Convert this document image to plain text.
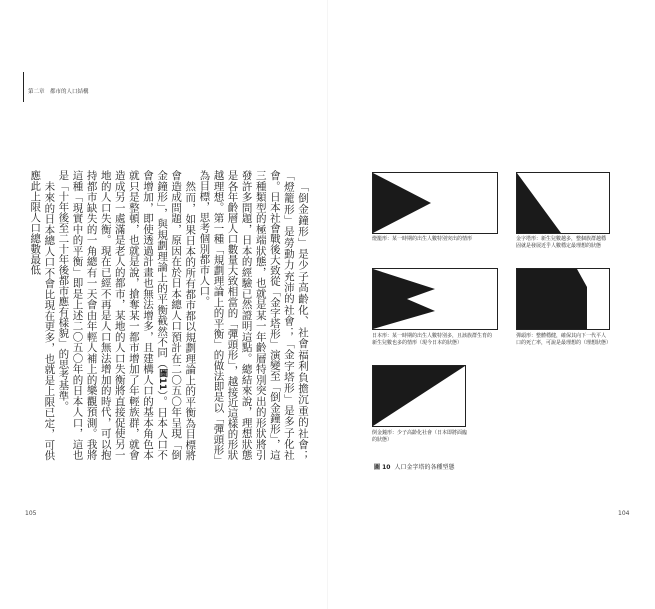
第二章　都市的人口結構

「倒金鐘形」是少子高齡化、社會福利負擔沉重的社會；「燈籠形」是勞動力充沛的社會；「金字塔形」是多子化社會。日本社會戰後大致從「金字塔形」演變至「倒金鐘形」，這三種類型的極端狀態，也就是某一年齡層特別突出的形狀將引發許多問題，日本的經驗已然證明這點。總結來說，理想狀態是各年齡層人口數量大致相當的「彈頭形」，越接近這樣的形狀越理想。第一種「規劃理論上的平衡」的做法即是以「彈頭形」為目標，思考個別都市人口。

然而，如果日本的所有都市都以規劃理論上的平衡為目標將會造成問題，原因在於日本總人口預計在二〇五〇年呈現「倒金鐘形」，與規劃理論上的平衡截然不同（圖11）。日本人口不會增加，即使透過計畫也無法增多，且建構人口的基本角色本就只是整頓，也就是說，搶奪某一都市增加了年輕族群，就會造成另一處滿是老人的都市，某地的人口失衡將直接促使另一地的人口失衡。現在已經不再是人口無法增加的時代，可以抱持都市缺失的一角總有一天會由年輕人補上的樂觀預測。我將這種「現實中的平衡」即是上述二〇五〇年的日本人口，這也是「十年後至二十年後都市應有樣貌」的思考基準。

未來的日本總人口不會比現在更多，也就是上限已定，可供應此上限人口總數最低

105	104
燈籠形：某一時期的出生人數特別突出的情形	金字塔形：新生兒數越多，整個族群越穩固就是發展近乎人數穩定最理想的狀態
日本形：某一時期的出生人數特別多，且該族群生育的新生兒數也多的情形（現今日本的狀態）
彈頭形：整體穩健，確保其向下一代平人口的死亡率，可說是最理想的（理想狀態）
倒金鐘形：少子高齡化社會（日本即將面臨的狀態）
圖 10 人口金字塔的各種型態
